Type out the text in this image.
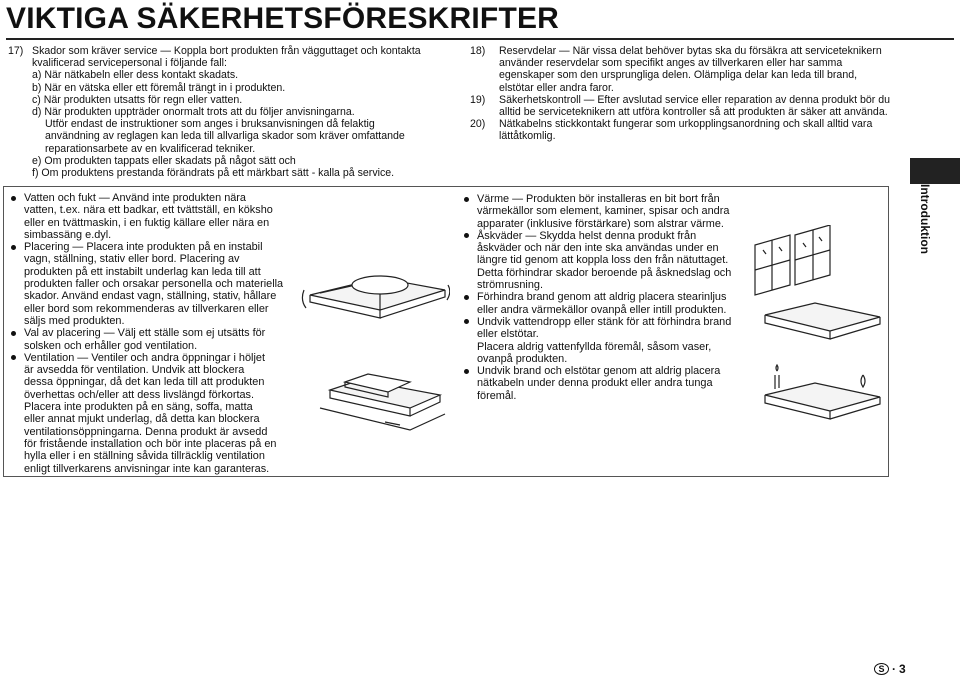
VIKTIGA SÄKERHETSFÖRESKRIFTER
17) Skador som kräver service — Koppla bort produkten från vägguttaget och kontakta
kvalificerad servicepersonal i följande fall:
a) När nätkabeln eller dess kontakt skadats.
b) När en vätska eller ett föremål trängt in i produkten.
c) När produkten utsatts för regn eller vatten.
d) När produkten uppträder onormalt trots att du följer anvisningarna.
Utför endast de instruktioner som anges i bruksanvisningen då felaktig
användning av reglagen kan leda till allvarliga skador som kräver omfattande
reparationsarbete av en kvalificerad tekniker.
e) Om produkten tappats eller skadats på något sätt och
f) Om produktens prestanda förändrats på ett märkbart sätt - kalla på service.
18) Reservdelar — När vissa delat behöver bytas ska du försäkra att serviceteknikern
använder reservdelar som specifikt anges av tillverkaren eller har samma
egenskaper som den ursprungliga delen. Olämpliga delar kan leda till brand,
elstötar eller andra faror.
19) Säkerhetskontroll — Efter avslutad service eller reparation av denna produkt bör du
alltid be serviceteknikern att utföra kontroller så att produkten är säker att använda.
20) Nätkabelns stickkontakt fungerar som urkopplingsanordning och skall alltid vara
lättåtkomlig.
Vatten och fukt — Använd inte produkten nära
vatten, t.ex. nära ett badkar, ett tvättställ, en köksho
eller en tvättmaskin, i en fuktig källare eller nära en
simbassäng e.dyl.
Placering — Placera inte produkten på en instabil
vagn, ställning, stativ eller bord. Placering av
produkten på ett instabilt underlag kan leda till att
produkten faller och orsakar personella och materiella
skador. Använd endast vagn, ställning, stativ, hållare
eller bord som rekommenderas av tillverkaren eller
säljs med produkten.
Val av placering — Välj ett ställe som ej utsätts för
solsken och erhåller god ventilation.
Ventilation — Ventiler och andra öppningar i höljet
är avsedda för ventilation. Undvik att blockera
dessa öppningar, då det kan leda till att produkten
överhettas och/eller att dess livslängd förkortas.
Placera inte produkten på en säng, soffa, matta
eller annat mjukt underlag, då detta kan blockera
ventilationsöppningarna. Denna produkt är avsedd
för fristående installation och bör inte placeras på en
hylla eller i en ställning såvida tillräcklig ventilation
enligt tillverkarens anvisningar inte kan garanteras.
Värme — Produkten bör installeras en bit bort från
värmekällor som element, kaminer, spisar och andra
apparater (inklusive förstärkare) som alstrar värme.
Åskväder — Skydda helst denna produkt från
åskväder och när den inte ska användas under en
längre tid genom att koppla loss den från nätuttaget.
Detta förhindrar skador beroende på åsknedslag och
strömrusning.
Förhindra brand genom att aldrig placera stearinljus
eller andra värmekällor ovanpå eller intill produkten.
Undvik vattendropp eller stänk för att förhindra brand
eller elstötar.
Placera aldrig vattenfyllda föremål, såsom vaser,
ovanpå produkten.
Undvik brand och elstötar genom att aldrig placera
nätkabeln under denna produkt eller andra tunga
föremål.
Introduktion
S · 3
